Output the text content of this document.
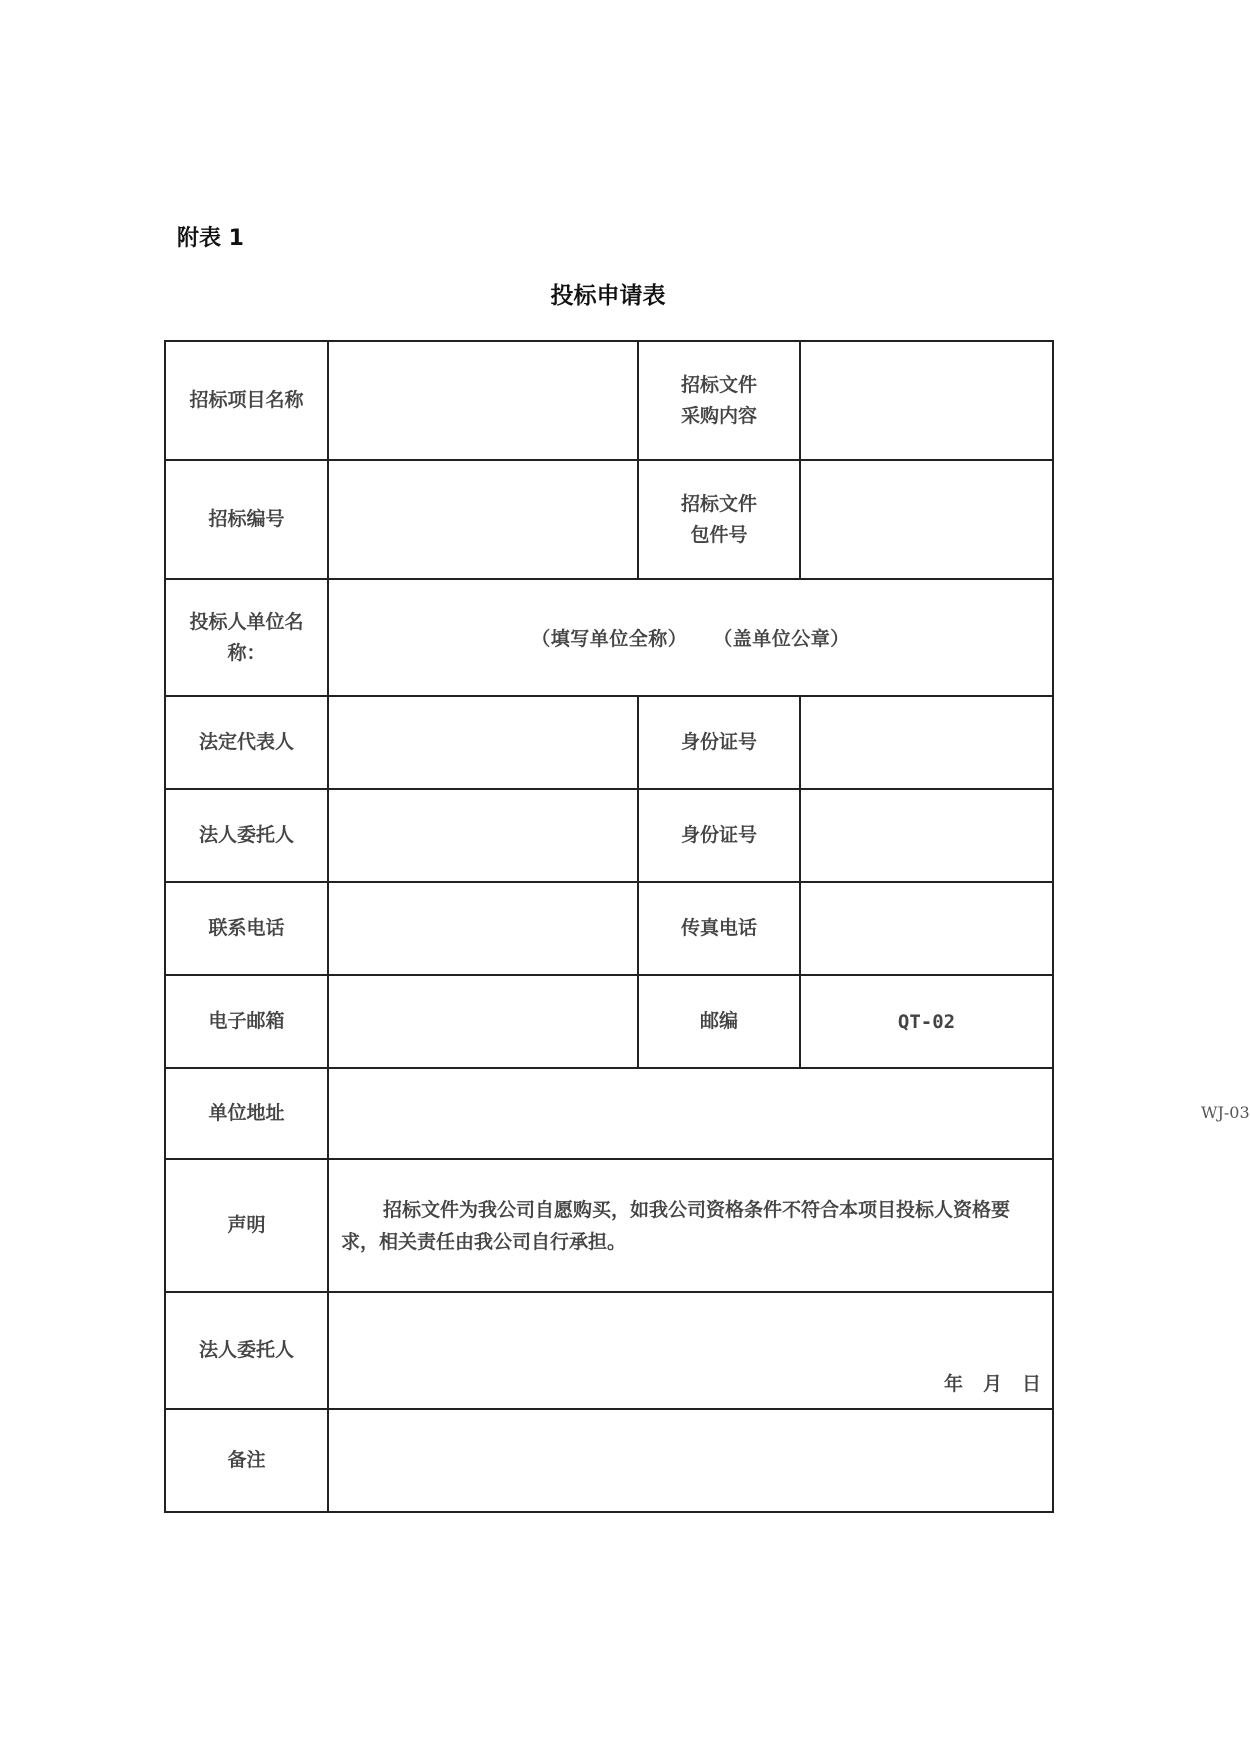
附表 1
投标申请表
招标项目名称		招标文件
采购内容	
招标编号		招标文件
包件号	
投标人单位名
称：	（填写单位全称） （盖单位公章）		
法定代表人		身份证号	
法人委托人		身份证号	
联系电话		传真电话	
电子邮箱		邮编	QT-02
单位地址			
声明	招标文件为我公司自愿购买，如我公司资格条件不符合本项目投标人资格要求，相关责任由我公司自行承担。		
法人委托人	年 月 日		

备注			
WJ-03
